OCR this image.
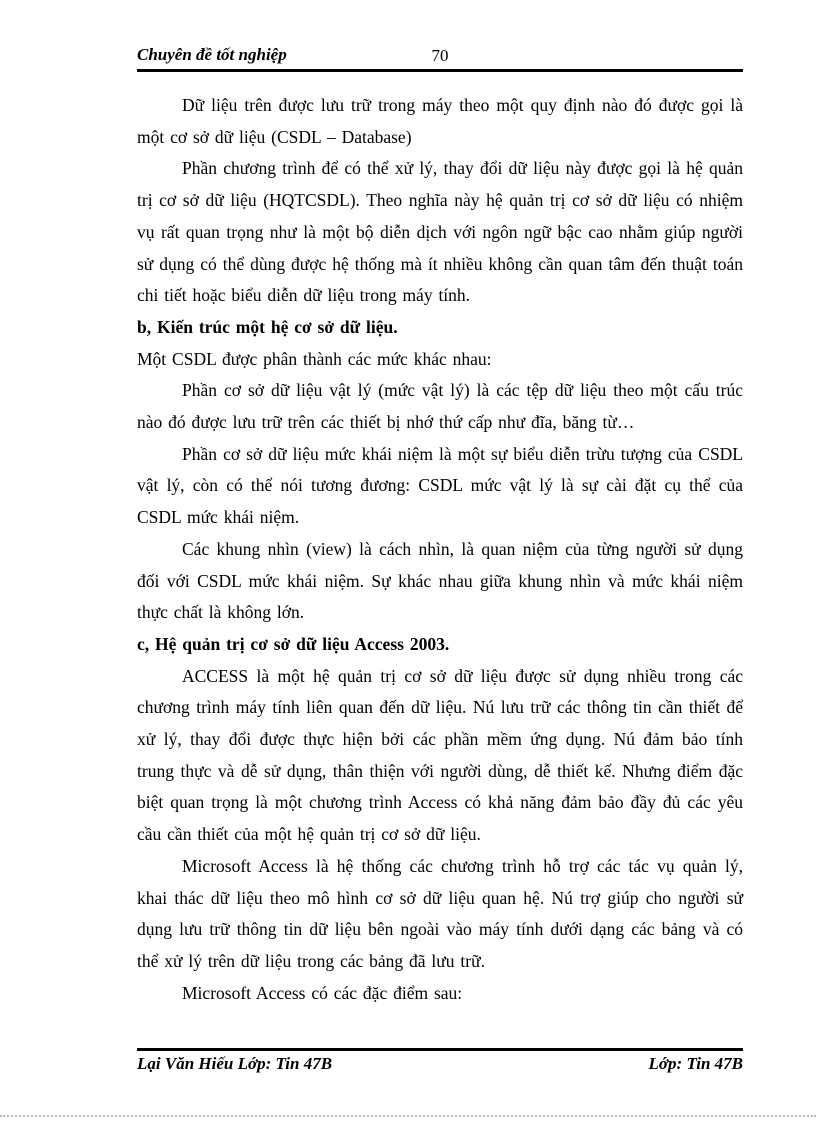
Chuyên đề tốt nghiệp	70

Dữ liệu trên được lưu trữ trong máy theo một quy định nào đó được gọi là một cơ sở dữ liệu (CSDL – Database)

Phần chương trình để có thể xử lý, thay đổi dữ liệu này được gọi là hệ quản trị cơ sở dữ liệu (HQTCSDL). Theo nghĩa này hệ quản trị cơ sở dữ liệu có nhiệm vụ rất quan trọng như là một bộ diễn dịch với ngôn ngữ bậc cao nhằm giúp người sử dụng có thể dùng được hệ thống mà ít nhiều không cần quan tâm đến thuật toán chi tiết hoặc biểu diễn dữ liệu trong máy tính.

b, Kiến trúc một hệ cơ sở dữ liệu.

Một CSDL được phân thành các mức khác nhau:

Phần cơ sở dữ liệu vật lý (mức vật lý) là các tệp dữ liệu theo một cấu trúc nào đó được lưu trữ trên các thiết bị nhớ thứ cấp như đĩa, băng từ…

Phần cơ sở dữ liệu mức khái niệm là một sự biểu diễn trừu tượng của CSDL vật lý, còn có thể nói tương đương: CSDL mức vật lý là sự cài đặt cụ thể của CSDL mức khái niệm.

Các khung nhìn (view) là cách nhìn, là quan niệm của từng người sử dụng đối với CSDL mức khái niệm. Sự khác nhau giữa khung nhìn và mức khái niệm thực chất là không lớn.

c, Hệ quản trị cơ sở dữ liệu Access 2003.

ACCESS là một hệ quản trị cơ sở dữ liệu được sử dụng nhiều trong các chương trình máy tính liên quan đến dữ liệu. Nú lưu trữ các thông tin cần thiết để xử lý, thay đổi được thực hiện bởi các phần mềm ứng dụng. Nú đảm bảo tính trung thực và dễ sử dụng, thân thiện với người dùng, dễ thiết kế. Nhưng điểm đặc biệt quan trọng là một chương trình Access có khả năng đảm bảo đầy đủ các yêu cầu cần thiết của một hệ quản trị cơ sở dữ liệu.

Microsoft Access là hệ thống các chương trình hỗ trợ các tác vụ quản lý, khai thác dữ liệu theo mô hình cơ sở dữ liệu quan hệ. Nú trợ giúp cho người sử dụng lưu trữ thông tin dữ liệu bên ngoài vào máy tính dưới dạng các bảng và có thể xử lý trên dữ liệu trong các bảng đã lưu trữ.

Microsoft Access có các đặc điểm sau:

Lại Văn Hiếu Lớp: Tin 47B	Lớp: Tin 47B
